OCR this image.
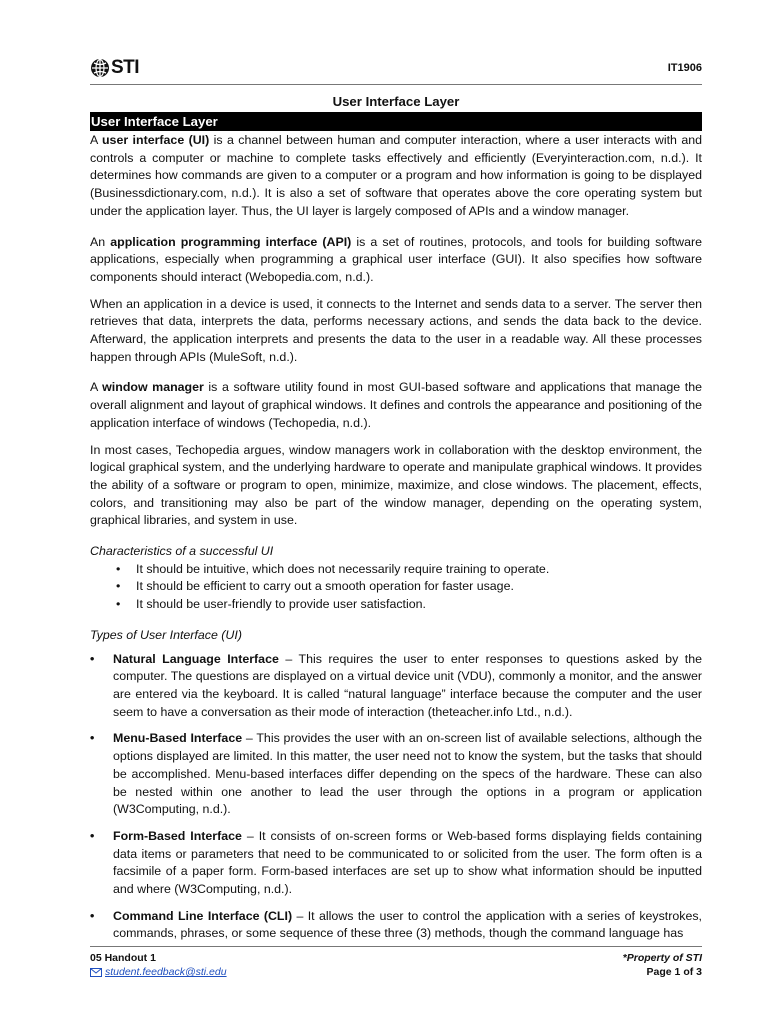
STI	IT1906
User Interface Layer
User Interface Layer

A user interface (UI) is a channel between human and computer interaction, where a user interacts with and controls a computer or machine to complete tasks effectively and efficiently (Everyinteraction.com, n.d.). It determines how commands are given to a computer or a program and how information is going to be displayed (Businessdictionary.com, n.d.). It is also a set of software that operates above the core operating system but under the application layer. Thus, the UI layer is largely composed of APIs and a window manager.

An application programming interface (API) is a set of routines, protocols, and tools for building software applications, especially when programming a graphical user interface (GUI). It also specifies how software components should interact (Webopedia.com, n.d.).

When an application in a device is used, it connects to the Internet and sends data to a server. The server then retrieves that data, interprets the data, performs necessary actions, and sends the data back to the device. Afterward, the application interprets and presents the data to the user in a readable way. All these processes happen through APIs (MuleSoft, n.d.).

A window manager is a software utility found in most GUI-based software and applications that manage the overall alignment and layout of graphical windows. It defines and controls the appearance and positioning of the application interface of windows (Techopedia, n.d.).

In most cases, Techopedia argues, window managers work in collaboration with the desktop environment, the logical graphical system, and the underlying hardware to operate and manipulate graphical windows. It provides the ability of a software or program to open, minimize, maximize, and close windows. The placement, effects, colors, and transitioning may also be part of the window manager, depending on the operating system, graphical libraries, and system in use.

Characteristics of a successful UI

• It should be intuitive, which does not necessarily require training to operate.
• It should be efficient to carry out a smooth operation for faster usage.
• It should be user-friendly to provide user satisfaction.

Types of User Interface (UI)

• Natural Language Interface – This requires the user to enter responses to questions asked by the computer. The questions are displayed on a virtual device unit (VDU), commonly a monitor, and the answer are entered via the keyboard. It is called “natural language” interface because the computer and the user seem to have a conversation as their mode of interaction (theteacher.info Ltd., n.d.).
• Menu-Based Interface – This provides the user with an on-screen list of available selections, although the options displayed are limited. In this matter, the user need not to know the system, but the tasks that should be accomplished. Menu-based interfaces differ depending on the specs of the hardware. These can also be nested within one another to lead the user through the options in a program or application (W3Computing, n.d.).
• Form-Based Interface – It consists of on-screen forms or Web-based forms displaying fields containing data items or parameters that need to be communicated to or solicited from the user. The form often is a facsimile of a paper form. Form-based interfaces are set up to show what information should be inputted and where (W3Computing, n.d.).
• Command Line Interface (CLI) – It allows the user to control the application with a series of keystrokes, commands, phrases, or some sequence of these three (3) methods, though the command language has
05 Handout 1
student.feedback@sti.edu
*Property of STI
Page 1 of 3
